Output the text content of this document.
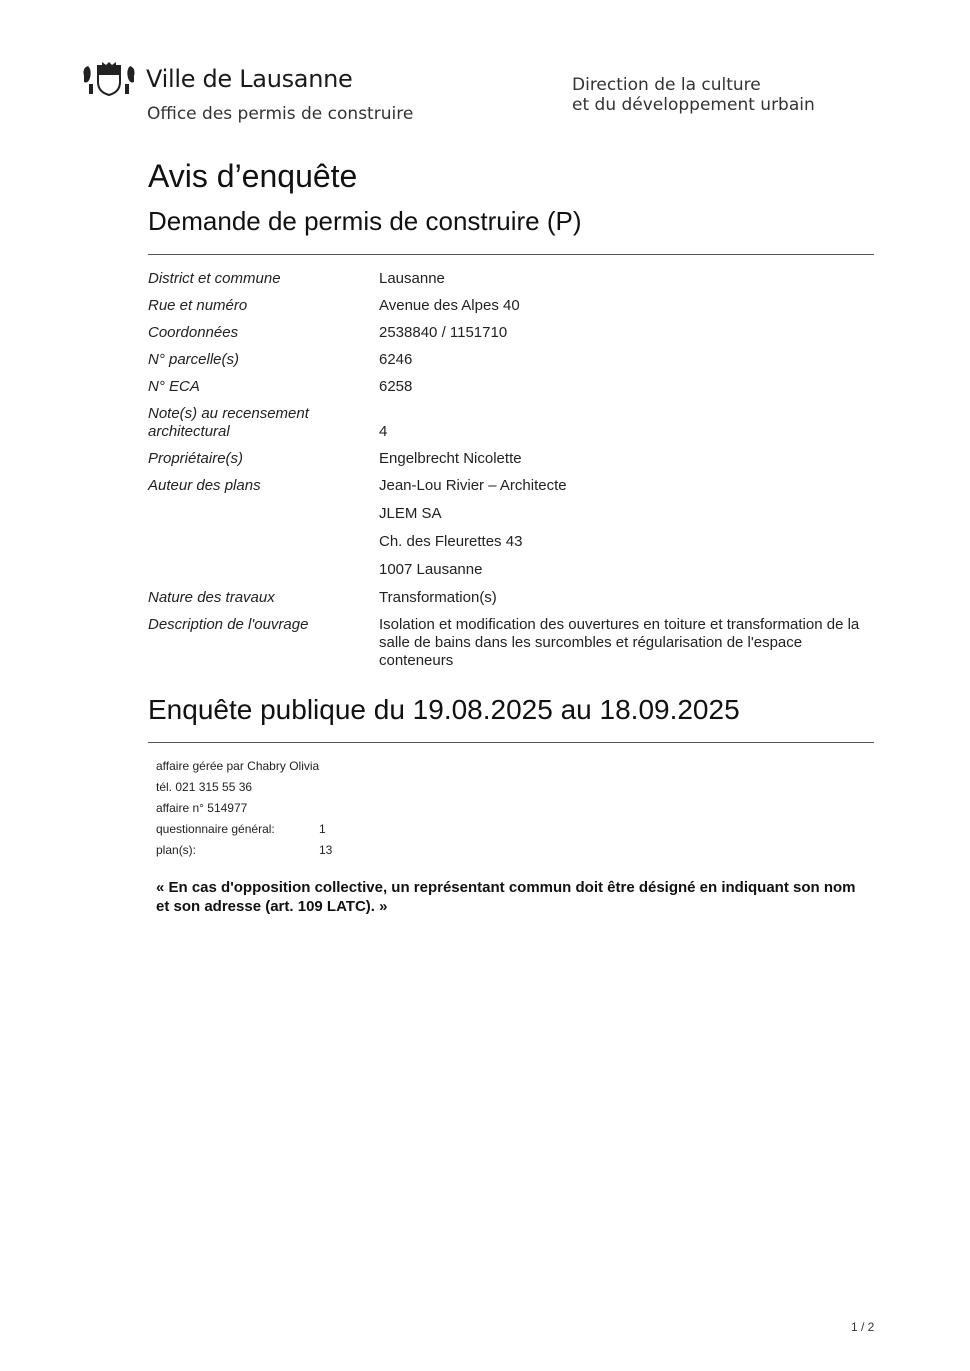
Ville de Lausanne
Office des permis de construire
Direction de la culture
et du développement urbain
Avis d’enquête
Demande de permis de construire (P)
District et commune	Lausanne
Rue et numéro	Avenue des Alpes 40
Coordonnées	2538840 / 1151710
N° parcelle(s)	6246
N° ECA	6258
Note(s) au recensement architectural	4
Propriétaire(s)	Engelbrecht Nicolette
Auteur des plans	Jean-Lou Rivier – Architecte
JLEM SA
Ch. des Fleurettes 43
1007 Lausanne
Nature des travaux	Transformation(s)
Description de l'ouvrage	Isolation et modification des ouvertures en toiture et transformation de la salle de bains dans les surcombles et régularisation de l'espace conteneurs
Enquête publique du 19.08.2025 au 18.09.2025
affaire gérée par Chabry Olivia
tél. 021 315 55 36
affaire n° 514977
questionnaire général:	1
plan(s):	13
« En cas d'opposition collective, un représentant commun doit être désigné en indiquant son nom et son adresse (art. 109 LATC). »
1 / 2
